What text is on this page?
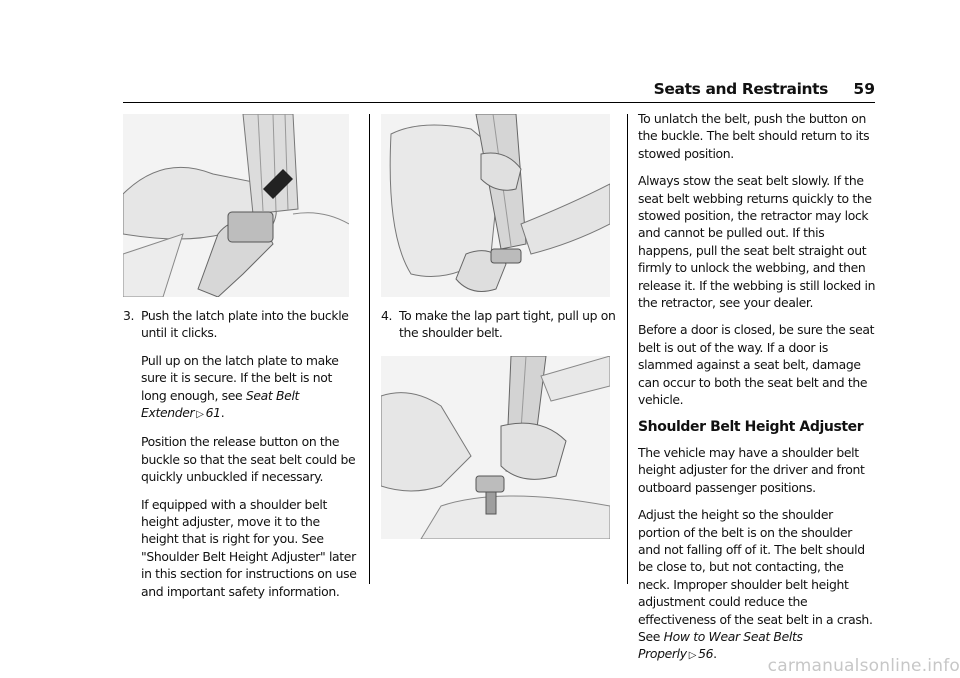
Seats and Restraints 59
3. Push the latch plate into the buckle until it clicks.

Pull up on the latch plate to make sure it is secure. If the belt is not long enough, see Seat Belt Extender ▷ 61.

Position the release button on the buckle so that the seat belt could be quickly unbuckled if necessary.

If equipped with a shoulder belt height adjuster, move it to the height that is right for you. See "Shoulder Belt Height Adjuster" later in this section for instructions on use and important safety information.

4. To make the lap part tight, pull up on the shoulder belt.

To unlatch the belt, push the button on the buckle. The belt should return to its stowed position.

Always stow the seat belt slowly. If the seat belt webbing returns quickly to the stowed position, the retractor may lock and cannot be pulled out. If this happens, pull the seat belt straight out firmly to unlock the webbing, and then release it. If the webbing is still locked in the retractor, see your dealer.

Before a door is closed, be sure the seat belt is out of the way. If a door is slammed against a seat belt, damage can occur to both the seat belt and the vehicle.

Shoulder Belt Height Adjuster

The vehicle may have a shoulder belt height adjuster for the driver and front outboard passenger positions.

Adjust the height so the shoulder portion of the belt is on the shoulder and not falling off of it. The belt should be close to, but not contacting, the neck. Improper shoulder belt height adjustment could reduce the effectiveness of the seat belt in a crash. See How to Wear Seat Belts Properly ▷ 56.

carmanualsonline.info
